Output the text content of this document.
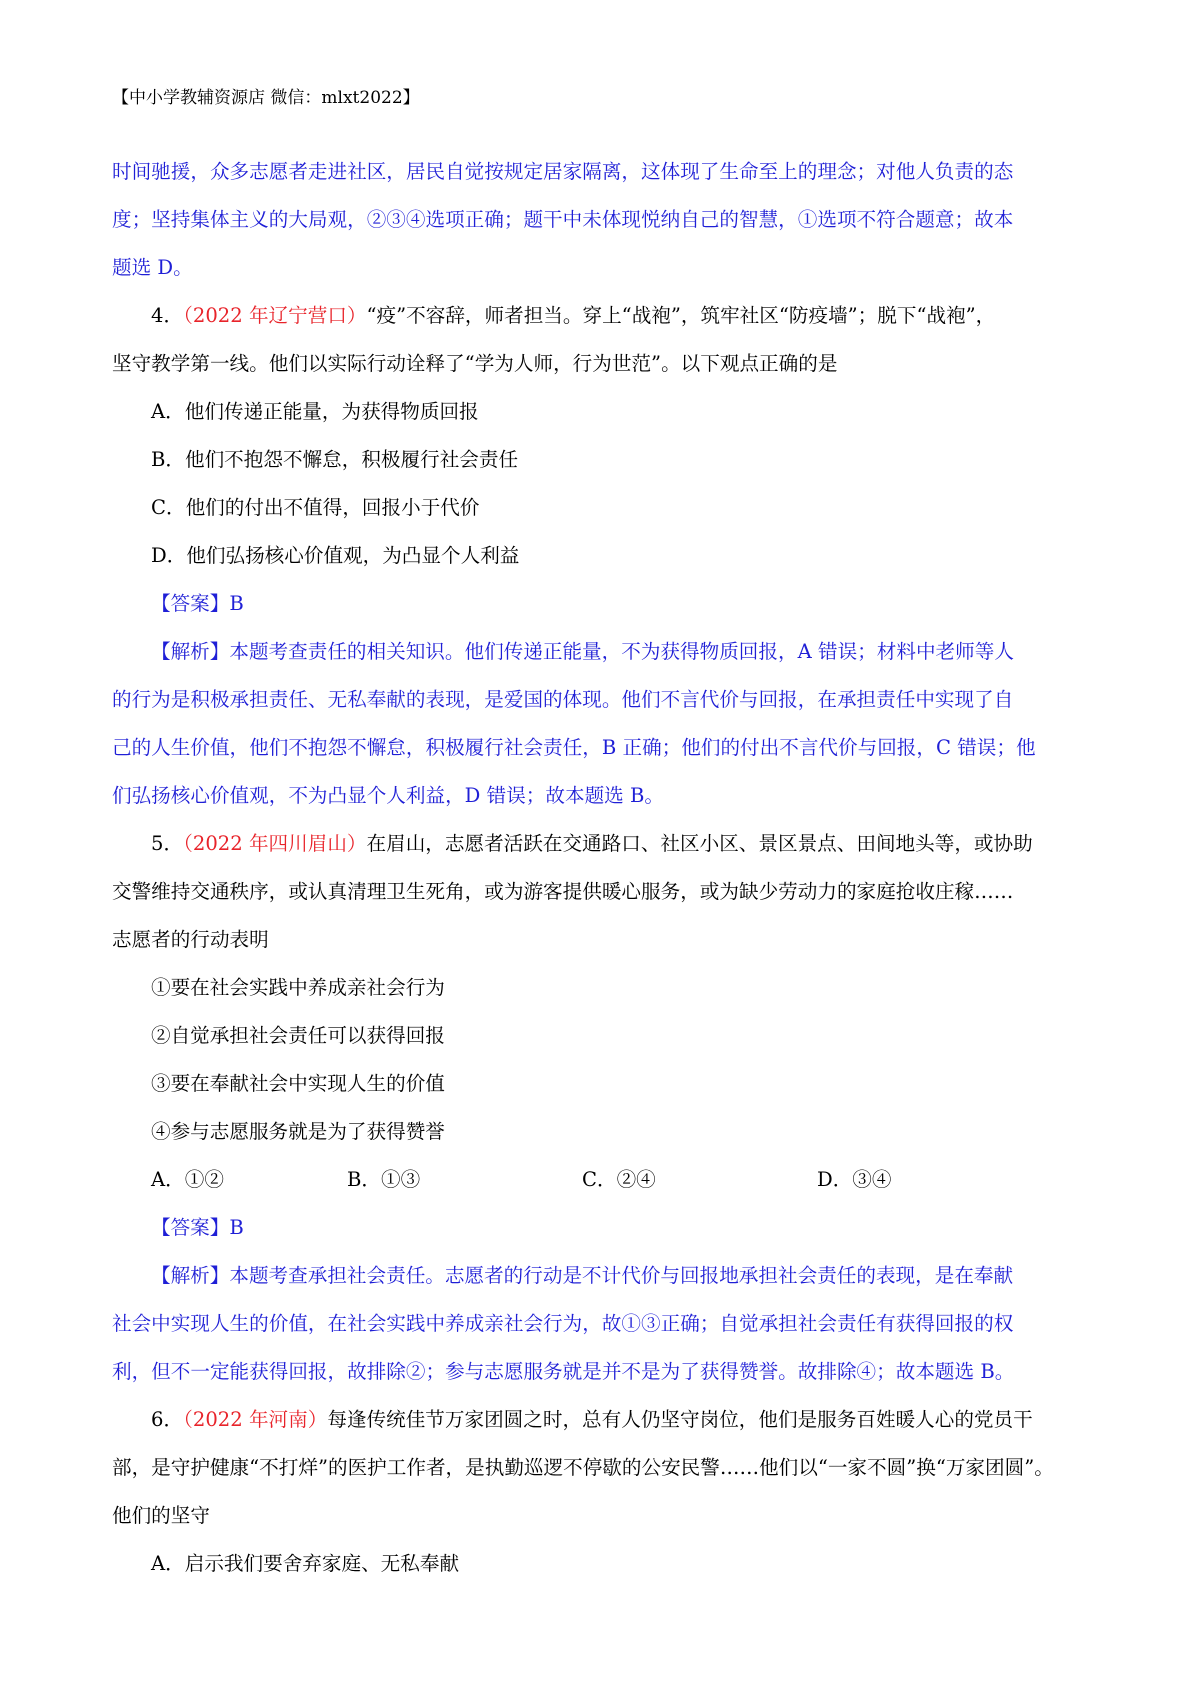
【中小学教辅资源店 微信：mlxt2022】
时间驰援，众多志愿者走进社区，居民自觉按规定居家隔离，这体现了生命至上的理念；对他人负责的态
度；坚持集体主义的大局观，②③④选项正确；题干中未体现悦纳自己的智慧，①选项不符合题意；故本
题选 D。
4．（2022 年辽宁营口）“疫”不容辞，师者担当。穿上“战袍”，筑牢社区“防疫墙”；脱下“战袍”，
坚守教学第一线。他们以实际行动诠释了“学为人师，行为世范”。以下观点正确的是
A．他们传递正能量，为获得物质回报
B．他们不抱怨不懈怠，积极履行社会责任
C．他们的付出不值得，回报小于代价
D．他们弘扬核心价值观，为凸显个人利益
【答案】B
【解析】本题考查责任的相关知识。他们传递正能量，不为获得物质回报，A 错误；材料中老师等人
的行为是积极承担责任、无私奉献的表现，是爱国的体现。他们不言代价与回报，在承担责任中实现了自
己的人生价值，他们不抱怨不懈怠，积极履行社会责任，B 正确；他们的付出不言代价与回报，C 错误；他
们弘扬核心价值观，不为凸显个人利益，D 错误；故本题选 B。
5．（2022 年四川眉山）在眉山，志愿者活跃在交通路口、社区小区、景区景点、田间地头等，或协助
交警维持交通秩序，或认真清理卫生死角，或为游客提供暖心服务，或为缺少劳动力的家庭抢收庄稼……
志愿者的行动表明
①要在社会实践中养成亲社会行为
②自觉承担社会责任可以获得回报
③要在奉献社会中实现人生的价值
④参与志愿服务就是为了获得赞誉
A．①②	B．①③	C．②④	D．③④
【答案】B
【解析】本题考查承担社会责任。志愿者的行动是不计代价与回报地承担社会责任的表现，是在奉献
社会中实现人生的价值，在社会实践中养成亲社会行为，故①③正确；自觉承担社会责任有获得回报的权
利，但不一定能获得回报，故排除②；参与志愿服务就是并不是为了获得赞誉。故排除④；故本题选 B。
6．（2022 年河南）每逢传统佳节万家团圆之时，总有人仍坚守岗位，他们是服务百姓暖人心的党员干
部，是守护健康“不打烊”的医护工作者，是执勤巡逻不停歇的公安民警……他们以“一家不圆”换“万家团圆”。
他们的坚守
A．启示我们要舍弃家庭、无私奉献
